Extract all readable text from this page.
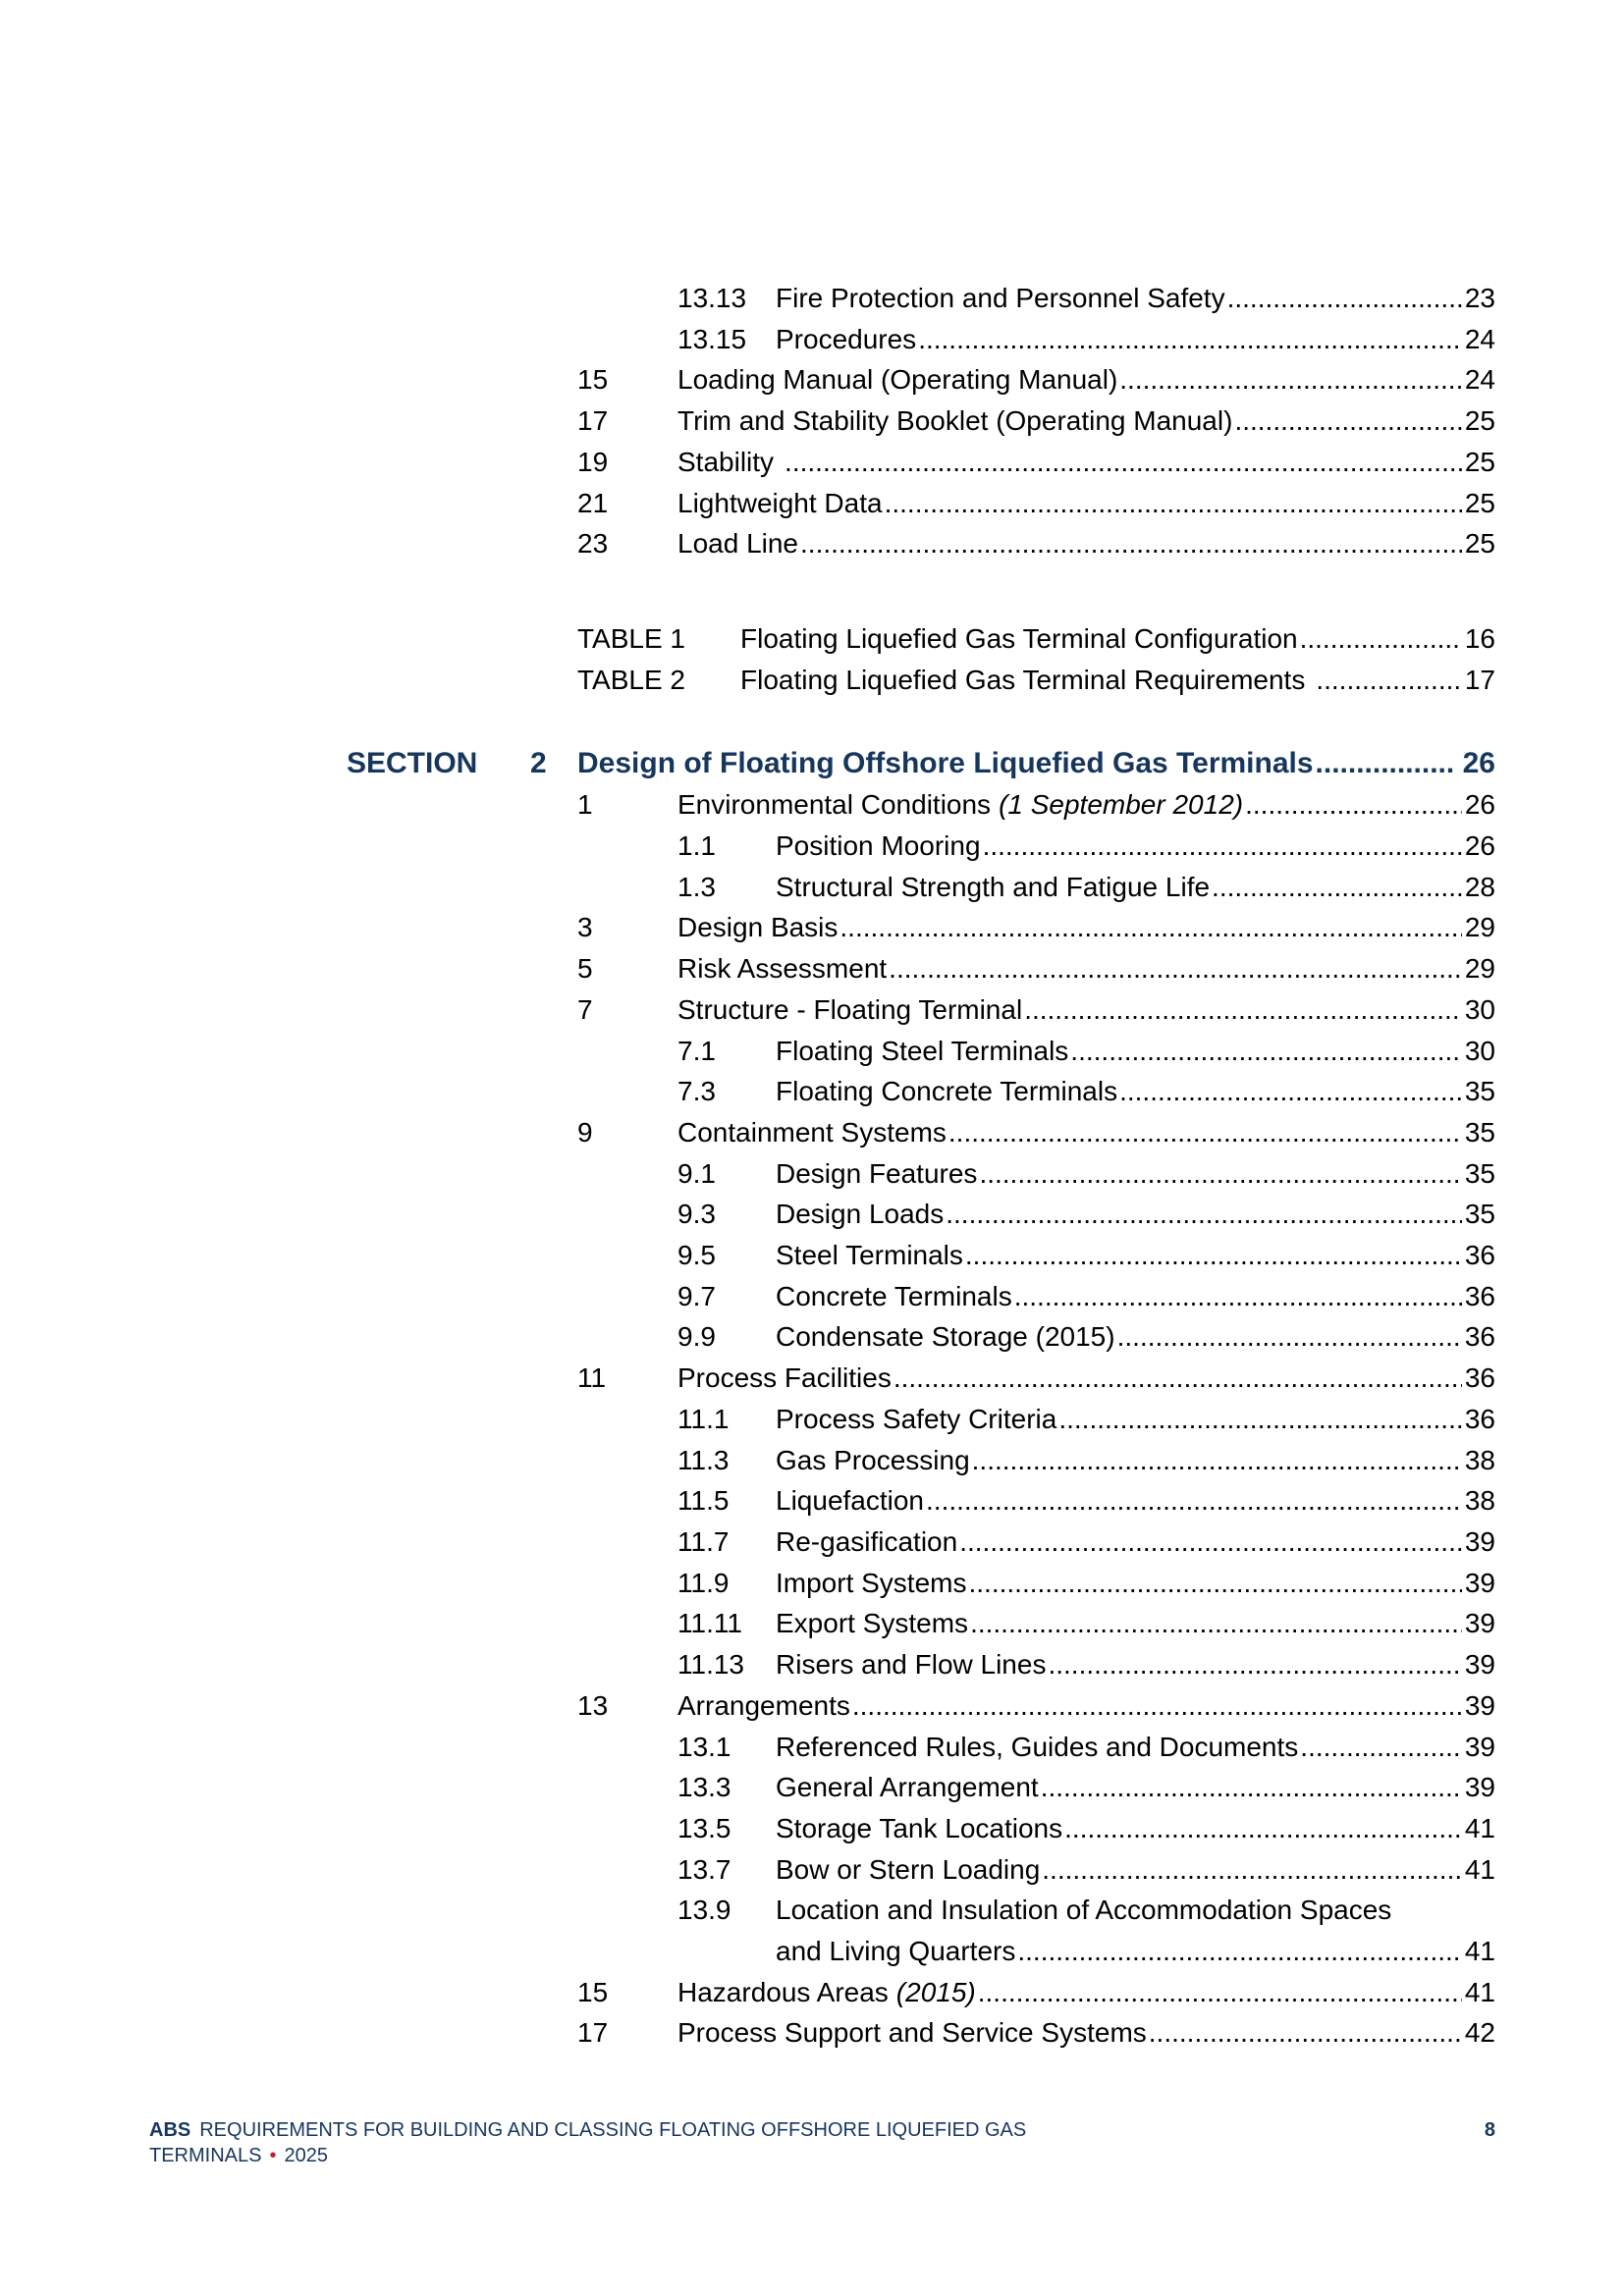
13.13	Fire Protection and Personnel Safety .....	23
13.15	Procedures .....	24
15	Loading Manual (Operating Manual) .....	24
17	Trim and Stability Booklet (Operating Manual) .....	25
19	Stability .....	25
21	Lightweight Data .....	25
23	Load Line .....	25
TABLE 1	Floating Liquefied Gas Terminal Configuration .....	16
TABLE 2	Floating Liquefied Gas Terminal Requirements .....	17
SECTION	2	Design of Floating Offshore Liquefied Gas Terminals .....	26
1	Environmental Conditions (1 September 2012) .....	26
1.1	Position Mooring .....	26
1.3	Structural Strength and Fatigue Life .....	28
3	Design Basis .....	29
5	Risk Assessment .....	29
7	Structure - Floating Terminal .....	30
7.1	Floating Steel Terminals .....	30
7.3	Floating Concrete Terminals .....	35
9	Containment Systems .....	35
9.1	Design Features .....	35
9.3	Design Loads .....	35
9.5	Steel Terminals .....	36
9.7	Concrete Terminals .....	36
9.9	Condensate Storage (2015) .....	36
11	Process Facilities .....	36
11.1	Process Safety Criteria .....	36
11.3	Gas Processing .....	38
11.5	Liquefaction .....	38
11.7	Re-gasification .....	39
11.9	Import Systems .....	39
11.11	Export Systems .....	39
11.13	Risers and Flow Lines .....	39
13	Arrangements .....	39
13.1	Referenced Rules, Guides and Documents .....	39
13.3	General Arrangement .....	39
13.5	Storage Tank Locations .....	41
13.7	Bow or Stern Loading .....	41
13.9	Location and Insulation of Accommodation Spaces
and Living Quarters .....	41
15	Hazardous Areas (2015) .....	41
17	Process Support and Service Systems .....	42
ABS REQUIREMENTS FOR BUILDING AND CLASSING FLOATING OFFSHORE LIQUEFIED GAS
TERMINALS • 2025
8
